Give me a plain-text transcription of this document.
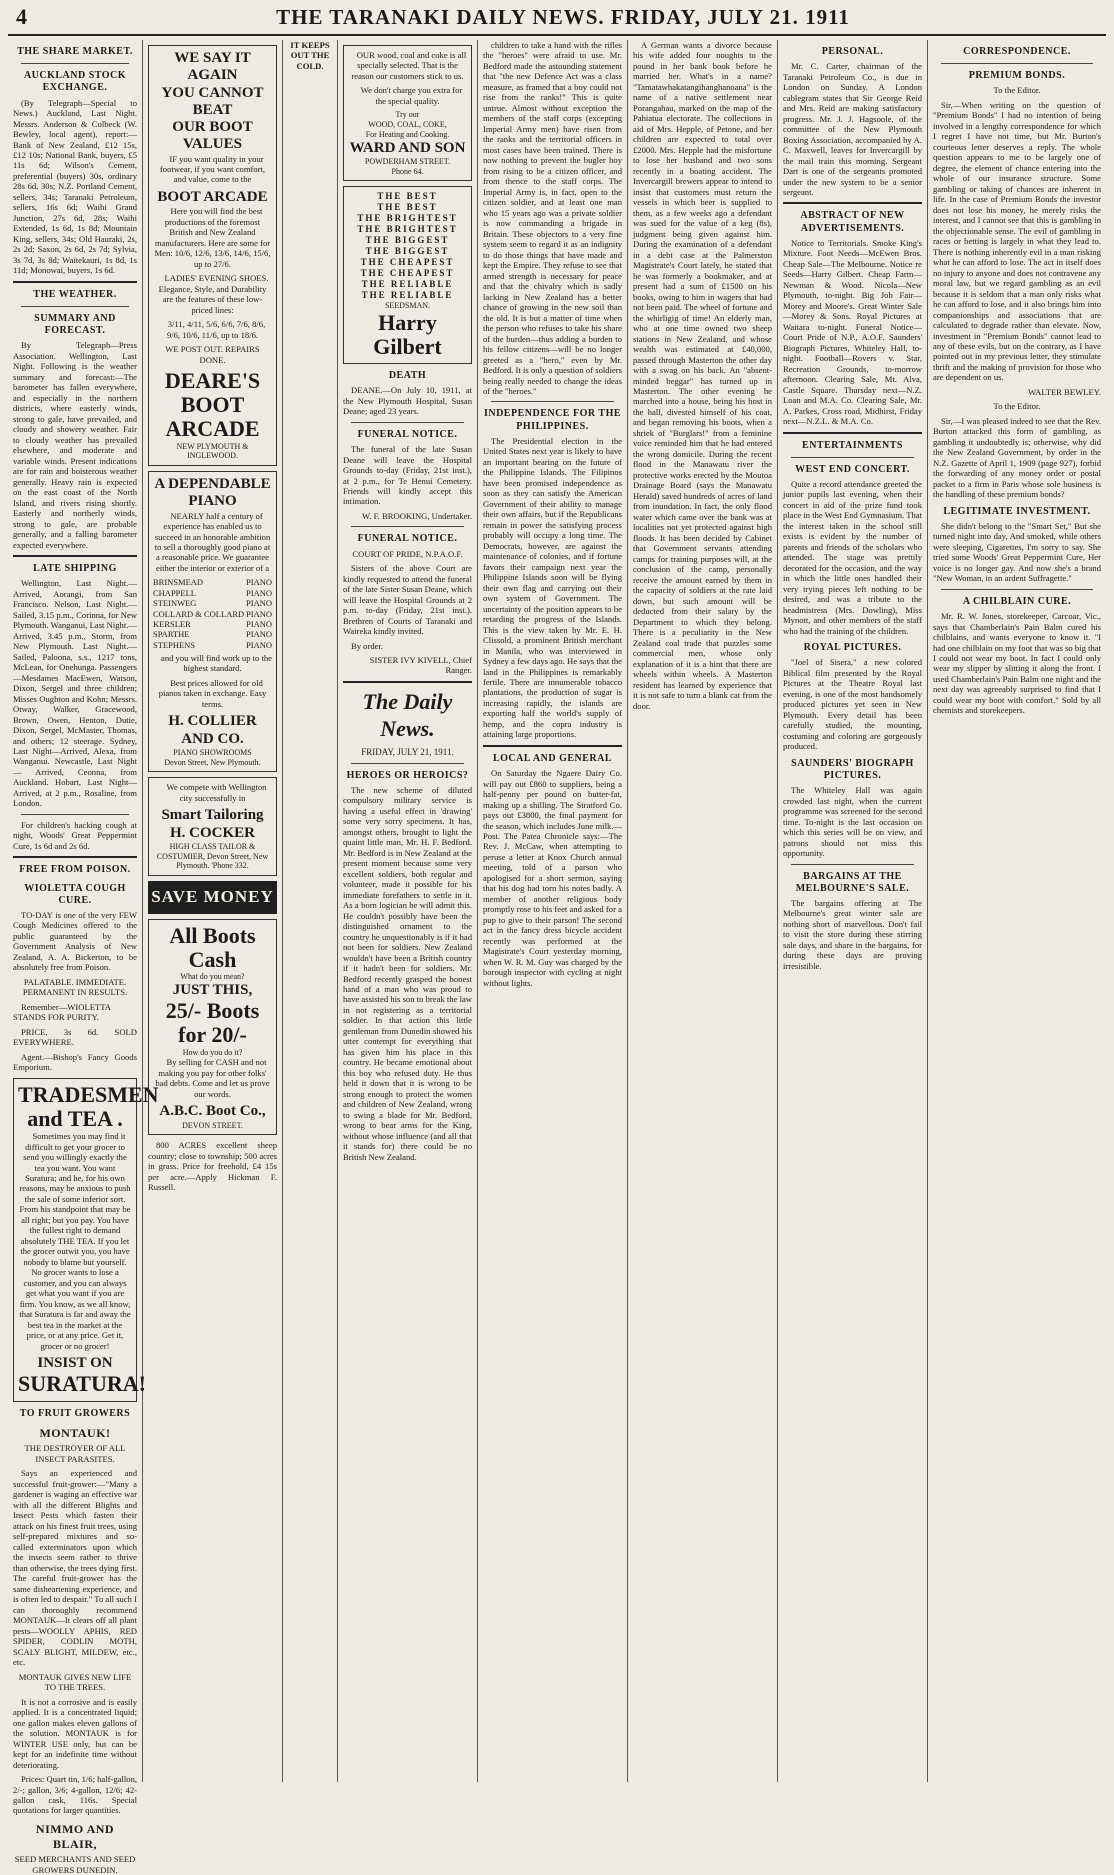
4	THE TARANAKI DAILY NEWS. FRIDAY, JULY 21. 1911
THE SHARE MARKET.
AUCKLAND STOCK EXCHANGE.

(By Telegraph—Special to News.) Auckland, Last Night. Messrs. Anderson & Colbeck (W. Bewley, local agent), report:—Bank of New Zealand, £12 15s, £12 10s; National Bank, buyers, £5 11s 6d; Wilson's Cement, preferential (buyers) 30s, ordinary 28s 6d, 30s; N.Z. Portland Cement, sellers, 34s; Taranaki Petroleum, sellers, 16s 6d; Waihi Grand Junction, 27s 6d, 28s; Waihi Extended, 1s 6d, 1s 8d; Mountain King, sellers, 34s; Old Hauraki, 2s, 2s 2d; Saxon, 2s 6d, 2s 7d; Sylvia, 3s 7d, 3s 8d; Waitekauri, 1s 8d, 1s 11d; Monowai, buyers, 1s 6d.

THE WEATHER.
SUMMARY AND FORECAST.

By Telegraph—Press Association. Wellington, Last Night. Following is the weather summary and forecast:—The barometer has fallen everywhere, and especially in the northern districts, where easterly winds, strong to gale, have prevailed, and cloudy and showery weather. Fair to cloudy weather has prevailed elsewhere, and moderate and variable winds. Present indications are for rain and boisterous weather generally. Heavy rain is expected on the east coast of the North Island, and rivers rising shortly. Easterly and northerly winds, strong to gale, are probable generally, and a falling barometer expected everywhere.

LATE SHIPPING

Wellington, Last Night.—Arrived, Aorangi, from San Francisco. Nelson, Last Night.—Sailed, 3.15 p.m., Corinna, for New Plymouth. Wanganui, Last Night.—Arrived, 3.45 p.m., Storm, from New Plymouth. Last Night.—Sailed, Paloona, s.s., 1217 tons, McLean, for Onehunga. Passengers—Mesdames MacEwen, Watson, Dixon, Sergel and three children; Misses Oughton and Kohn; Messrs. Otway, Walker, Gracewood, Brown, Owen, Henton, Dutie, Dixon, Sergel, McMaster, Thomas, and others; 12 steerage. Sydney, Last Night—Arrived, Alexa, from Wanganui. Newcastle, Last Night — Arrived, Ceonna, from Auckland. Hobart, Last Night—Arrived, at 2 p.m., Rosaline, from London.

For children's hacking cough at night, Woods' Great Peppermint Cure, 1s 6d and 2s 6d.

FREE FROM POISON.
WIOLETTA COUGH CURE.

TO-DAY is one of the very FEW Cough Medicines offered to the public guaranteed by the Government Analysis of New Zealand, A. A. Bickerton, to be absolutely free from Poison.

PALATABLE. IMMEDIATE. PERMANENT IN RESULTS.

Remember—WIOLETTA STANDS FOR PURITY.

PRICE, 3s 6d. SOLD EVERYWHERE.

Agent.—Bishop's Fancy Goods Emporium.

TRADESMEN and TEA .

Sometimes you may find it difficult to get your grocer to send you willingly exactly the tea you want. You want Suratura; and he, for his own reasons, may be anxious to push the sale of some inferior sort. From his standpoint that may be all right; but you pay. You have the fullest right to demand absolutely THE TEA. If you let the grocer outwit you, you have nobody to blame but yourself. No grocer wants to lose a customer, and you can always get what you want if you are firm. You know, as we all know, that Suratura is far and away the best tea in the market at the price, or at any price. Get it, grocer or no grocer!

INSIST ON
SURATURA!
TO FRUIT GROWERS
MONTAUK!

THE DESTROYER OF ALL INSECT PARASITES.

Says an experienced and successful fruit-grower:—"Many a gardener is waging an effective war with all the different Blights and Insect Pests which fasten their attack on his finest fruit trees, using self-prepared mixtures and so-called exterminators upon which the insects seem rather to thrive than otherwise, the trees dying first. The careful fruit-grower has the same disheartening experience, and is often led to despair." To all such I can thoroughly recommend MONTAUK—It clears off all plant pests—WOOLLY APHIS, RED SPIDER, CODLIN MOTH, SCALY BLIGHT, MILDEW, etc., etc.

MONTAUK GIVES NEW LIFE TO THE TREES.

It is not a corrosive and is easily applied. It is a concentrated liquid; one gallon makes eleven gallons of the solution. MONTAUK is for WINTER USE only, but can be kept for an indefinite time without deteriorating.

Prices: Quart tin, 1/6; half-gallon, 2/-; gallon, 3/6; 4-gallon, 12/6; 42-gallon cask, 116s. Special quotations for larger quantities.

NIMMO AND BLAIR,

SEED MERCHANTS AND SEED GROWERS DUNEDIN.

WE SAY IT AGAIN
YOU CANNOT BEAT
OUR BOOT VALUES

IF you want quality in your footwear, if you want comfort, and value, come to the

BOOT ARCADE

Here you will find the best productions of the foremost British and New Zealand manufacturers. Here are some for Men: 10/6, 12/6, 13/6, 14/6, 15/6, up to 27/6.

LADIES' EVENING SHOES. Elegance, Style, and Durability are the features of these low-priced lines:

3/11, 4/11, 5/6, 6/6, 7/6, 8/6, 9/6, 10/6, 11/6, up to 18/6.

WE POST OUT. REPAIRS DONE.

DEARE'S BOOT ARCADE
NEW PLYMOUTH & INGLEWOOD.
A DEPENDABLE PIANO

NEARLY half a century of experience has enabled us to succeed in an honorable ambition to sell a thoroughly good piano at a reasonable price. We guarantee either the interior or exterior of a

BRINSMEAD	PIANO
CHAPPELL	PIANO
STEINWEG	PIANO
COLLARD & COLLARD PIANO
KERSLER	PIANO
SPARTHE	PIANO
STEPHENS	PIANO

and you will find work up to the highest standard.

Best prices allowed for old pianos taken in exchange. Easy terms.

H. COLLIER AND CO.
PIANO SHOWROOMS
Devon Street, New Plymouth.

We compete with Wellington city successfully in

Smart Tailoring
H. COCKER
HIGH CLASS TAILOR & COSTUMIER, Devon Street, New Plymouth. 'Phone 332.
SAVE MONEY
All Boots Cash
What do you mean?
JUST THIS,
25/- Boots for 20/-
How do you do it?

By selling for CASH and not making you pay for other folks' bad debts. Come and let us prove our words.

A.B.C. Boot Co.,
DEVON STREET.

800 ACRES excellent sheep country; close to township; 500 acres in grass. Price for freehold, £4 15s per acre.—Apply Hickman F. Russell.

IT KEEPS OUT THE COLD.

OUR wood, coal and coke is all specially selected. That is the reason our customers stick to us.

We don't charge you extra for the special quality.

Try our
WOOD, COAL, COKE,
For Heating and Cooking.
WARD AND SON
POWDERHAM STREET.
Phone 64.
THE BEST
THE BEST
THE BRIGHTEST
THE BRIGHTEST
THE BIGGEST
THE BIGGEST
THE CHEAPEST
THE CHEAPEST
THE RELIABLE
THE RELIABLE
SEEDSMAN.
Harry Gilbert
DEATH

DEANE.—On July 10, 1911, at the New Plymouth Hospital, Susan Deane; aged 23 years.

FUNERAL NOTICE.

The funeral of the late Susan Deane will leave the Hospital Grounds to-day (Friday, 21st inst.), at 2 p.m., for Te Henui Cemetery. Friends will kindly accept this intimation.

W. F. BROOKING, Undertaker.

FUNERAL NOTICE.

COURT OF PRIDE, N.P.A.O.F.

Sisters of the above Court are kindly requested to attend the funeral of the late Sister Susan Deane, which will leave the Hospital Grounds at 2 p.m. to-day (Friday, 21st inst.). Brethren of Courts of Taranaki and Waireka kindly invited.

By order.

SISTER IVY KIVELL, Chief Ranger.

The Daily News.
FRIDAY, JULY 21, 1911.
HEROES OR HEROICS?

The new scheme of diluted compulsory military service is having a useful effect in 'drawing' some very sorry specimens. It has, amongst others, brought to light the quaint little man, Mr. H. F. Bedford. Mr. Bedford is in New Zealand at the present moment because some very excellent soldiers, both regular and volunteer, made it possible for his immediate forefathers to settle in it. As a born logician he will admit this. He couldn't possibly have been the distinguished ornament to the country he unquestionably is if it had not been for soldiers. New Zealand wouldn't have been a British country if it hadn't been for soldiers. Mr. Bedford recently grasped the honest hand of a man who was proud to have assisted his son to break the law in not registering as a territorial soldier. In that action this little gentleman from Dunedin showed his utter contempt for everything that has given him his place in this country. He became emotional about this boy who refused duty. He thus held it down that it is wrong to be strong enough to protect the women and children of New Zealand, wrong to swing a blade for Mr. Bedford, wrong to bear arms for the King, without whose influence (and all that it stands for) there could be no British New Zealand.

children to take a hand with the rifles the "heroes" were afraid to use. Mr. Bedford made the astounding statement that "the new Defence Act was a class measure, as framed that a boy could not rise from the ranks!" This is quite untrue. Almost without exception the members of the staff corps (excepting Imperial Army men) have risen from the ranks and the territorial officers in most cases have been trained. There is now nothing to prevent the bugler boy from rising to be a citizen officer, and from thence to the staff corps. The Imperial Army is, in fact, open to the citizen soldier, and at least one man who 15 years ago was a private soldier is now commanding a brigade in Britain. These objectors to a very fine system seem to regard it as an indignity to do those things that have made and kept the Empire. They refuse to see that armed strength is necessary for peace and that the chivalry which is sadly lacking in New Zealand has a better chance of growing in the new soil than the old. It is but a matter of time when the person who refuses to take his share of the burden—thus adding a burden to his fellow citizens—will be no longer greeted as a "hero," even by Mr. Bedford. It is only a question of soldiers being really needed to change the ideas of the "heroes."

INDEPENDENCE FOR THE PHILIPPINES.

The Presidential election in the United States next year is likely to have an important bearing on the future of the Philippine Islands. The Filipinos have been promised independence as soon as they can satisfy the American Government of their ability to manage their own affairs, but if the Republicans remain in power the satisfying process probably will occupy a long time. The Democrats, however, are against the maintenance of colonies, and if fortune favors their campaign next year the Philippine Islands soon will be flying their own flag and carrying out their own system of Government. The uncertainty of the position appears to be retarding the progress of the Islands. This is the view taken by Mr. E. H. Clissold, a prominent British merchant in Manila, who was interviewed in Sydney a few days ago. He says that the land in the Philippines is remarkably fertile. There are innumerable tobacco plantations, the production of sugar is increasing rapidly, the islands are exporting half the world's supply of hemp, and the copra industry is attaining large proportions.

LOCAL AND GENERAL

On Saturday the Ngaere Dairy Co. will pay out £860 to suppliers, being a half-penny per pound on butter-fat, making up a shilling. The Stratford Co. pays out £3800, the final payment for the season, which includes June milk.—Post. The Patea Chronicle says:—The Rev. J. McCaw, when attempting to peruse a letter at Knox Church annual meeting, told of a parson who apologised for a short sermon, saying that his dog had torn his notes badly. A member of another religious body promptly rose to his feet and asked for a pup to give to their parson! The second act in the fancy dress bicycle accident recently was performed at the Magistrate's Court yesterday morning, when W. R. M. Guy was charged by the borough inspector with cycling at night without lights.

A German wants a divorce because his wife added four noughts to the pound in her bank book before he married her. What's in a name? "Tamatawhakatangihanghanoana" is the name of a native settlement near Porangahau, marked on the map of the Pahiatua electorate. The collections in aid of Mrs. Hepple, of Petone, and her children are expected to total over £2000. Mrs. Hepple had the misfortune to lose her husband and two sons recently in a boating accident. The Invercargill brewers appear to intend to insist that customers must return the vessels in which beer is supplied to them, as a few weeks ago a defendant was sued for the value of a keg (8s), judgment being given against him. During the examination of a defendant in a debt case at the Palmerston Magistrate's Court lately, he stated that he was formerly a bookmaker, and at present had a sum of £1500 on his books, owing to him in wagers that had not been paid. The wheel of fortune and the whirligig of time! An elderly man, who at one time owned two sheep stations in New Zealand, and whose wealth was estimated at £40,000, passed through Masterton the other day with a swag on his back. An "absent-minded beggar" has turned up in Masterton. The other evening he marched into a house, being his host in the hall, divested himself of his coat, and began removing his boots, when a shriek of "Burglars!" from a feminine voice reminded him that he had entered the wrong domicile. During the recent flood in the Manawatu river the protective works erected by the Moutoa Drainage Board (says the Manawatu Herald) saved hundreds of acres of land from inundation. In fact, the only flood water which came over the bank was at localities not yet protected against high floods. It has been decided by Cabinet that Government servants attending camps for training purposes will, at the conclusion of the camp, personally receive the amount earned by them in the capacity of soldiers at the rate laid down, but such amount will be deducted from their salary by the Department to which they belong. There is a peculiarity in the New Zealand coal trade that puzzles some commercial men, whose only explanation of it is a hint that there are wheels within wheels. A Masterton resident has learned by experience that it is not safe to turn a blank cat from the door.

PERSONAL.

Mr. C. Carter, chairman of the Taranaki Petroleum Co., is due in London on Sunday. A London cablegram states that Sir George Reid and Mrs. Reid are making satisfactory progress. Mr. J. J. Hagsoole, of the committee of the New Plymouth Boxing Association, accompanied by A. C. Maxwell, leaves for Invercargill by the mail train this morning. Sergeant Dart is one of the sergeants promoted under the new system to be a senior sergeant.

ABSTRACT OF NEW ADVERTISEMENTS.

Notice to Territorials. Smoke King's Mixture. Foot Needs—McEwen Bros. Cheap Sale—The Melbourne. Notice re Seeds—Harry Gilbert. Cheap Farm—Newman & Wood. Nicola—New Plymouth, to-night. Big Job Fair—Morey and Moore's. Great Winter Sale—Morey & Sons. Royal Pictures at Waitara to-night. Funeral Notice—Court Pride of N.P., A.O.F. Saunders' Biograph Pictures, Whiteley Hall, to-night. Football—Rovers v. Star, Recreation Grounds, to-morrow afternoon. Clearing Sale, Mt. Alva, Castle Square. Thursday next—N.Z. Loan and M.A. Co. Clearing Sale, Mr. A. Parkes, Cross road, Midhirst, Friday next—N.Z.L. & M.A. Co.

ENTERTAINMENTS
WEST END CONCERT.

Quite a record attendance greeted the junior pupils last evening, when their concert in aid of the prize fund took place in the West End Gymnasium. That the interest taken in the school still exists is evident by the number of parents and friends of the scholars who attended. The stage was prettily decorated for the occasion, and the way in which the little ones handled their very trying pieces left nothing to be desired, and was a tribute to the headmistress (Mrs. Dowling), Miss Mynott, and other members of the staff who had the training of the children.

ROYAL PICTURES.

"Joel of Sisera," a new colored Biblical film presented by the Royal Pictures at the Theatre Royal last evening, is one of the most handsomely produced pictures yet seen in New Plymouth. Every detail has been carefully studied, the mounting, costuming and coloring are gorgeously produced.

SAUNDERS' BIOGRAPH PICTURES.

The Whiteley Hall was again crowded last night, when the current programme was screened for the second time. To-night is the last occasion on which this series will be on view, and patrons should not miss this opportunity.

BARGAINS AT THE MELBOURNE'S SALE.

The bargains offering at The Melbourne's great winter sale are nothing short of marvellous. Don't fail to visit the store during these stirring sale days, and share in the bargains, for during these days are proving irresistible.

CORRESPONDENCE.
PREMIUM BONDS.

To the Editor.

Sir,—When writing on the question of "Premium Bonds" I had no intention of being involved in a lengthy correspondence for which I regret I have not time, but Mr. Burton's courteous letter deserves a reply. The whole question appears to me to be largely one of degree, the element of chance entering into the whole of our insurance structure. Some gambling or taking of chances are inherent in life. In the case of Premium Bonds the investor does not lose his money, he merely risks the interest, and I cannot see that this is gambling in the objectionable sense. The evil of gambling in races or betting is largely in what they lead to. There is nothing inherently evil in a man risking what he can afford to lose. The act in itself does no injury to anyone and does not contravene any moral law, but we regard gambling as an evil because it is seldom that a man only risks what he can afford to lose, and it also brings him into companionships and associations that are calculated to degrade rather than elevate. Now, investment in "Premium Bonds" cannot lead to any of these evils, but on the contrary, as I have pointed out in my previous letter, they stimulate thrift and the making of provision for those who are dependent on us.

WALTER BEWLEY.

To the Editor.

Sir,—I was pleased indeed to see that the Rev. Burton attacked this form of gambling, as gambling it undoubtedly is; otherwise, why did the New Zealand Government, by order in the N.Z. Gazette of April 1, 1909 (page 927), forbid the forwarding of any money order or postal packet to a firm in Paris whose sole business is the handling of these premium bonds?

LEGITIMATE INVESTMENT.

She didn't belong to the "Smart Set," But she turned night into day, And smoked, while others were sleeping, Cigarettes, I'm sorry to say. She tried some Woods' Great Peppermint Cure, Her voice is no longer gay. And now she's a brand "New Woman, in an ardent Suffragette."

A CHILBLAIN CURE.

Mr. R. W. Jones, storekeeper, Carcoar, Vic., says that Chamberlain's Pain Balm cured his chilblains, and wants everyone to know it. "I had one chilblain on my foot that was so big that I could not wear my boot. In fact I could only wear my slipper by slitting it along the front. I used Chamberlain's Pain Balm one night and the next day was agreeably surprised to find that I could wear my boot with comfort." Sold by all chemists and storekeepers.
